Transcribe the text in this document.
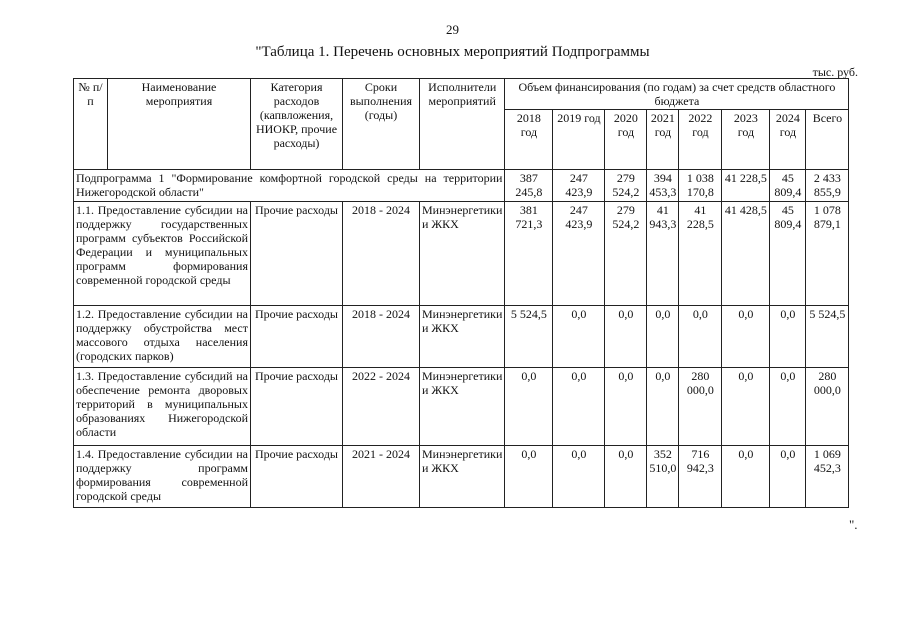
29
"Таблица 1. Перечень основных мероприятий Подпрограммы
тыс. руб.
№ п/п	Наименование мероприятия	Категория расходов (капвложения, НИОКР, прочие расходы)	Сроки выполнения (годы)	Исполнители мероприятий	Объем финансирования (по годам) за счет средств областного бюджета							
					2018 год	2019 год	2020 год	2021 год	2022 год	2023 год	2024 год	Всего
Подпрограмма 1 "Формирование комфортной городской среды на территории Нижегородской области"					387 245,8	247 423,9	279 524,2	394 453,3	1 038 170,8	41 228,5	45 809,4	2 433 855,9
1.1. Предоставление субсидии на поддержку государственных программ субъектов Российской Федерации и муниципальных программ формирования современной городской среды		Прочие расходы	2018 - 2024	Минэнергетики и ЖКХ	381 721,3	247 423,9	279 524,2	41 943,3	41 228,5	41 428,5	45 809,4	1 078 879,1
1.2. Предоставление субсидии на поддержку обустройства мест массового отдыха населения (городских парков)		Прочие расходы	2018 - 2024	Минэнергетики и ЖКХ	5 524,5	0,0	0,0	0,0	0,0	0,0	0,0	5 524,5
1.3. Предоставление субсидий на обеспечение ремонта дворовых территорий в муниципальных образованиях Нижегородской области		Прочие расходы	2022 - 2024	Минэнергетики и ЖКХ	0,0	0,0	0,0	0,0	280 000,0	0,0	0,0	280 000,0
1.4. Предоставление субсидии на поддержку программ формирования современной городской среды		Прочие расходы	2021 - 2024	Минэнергетики и ЖКХ	0,0	0,0	0,0	352 510,0	716 942,3	0,0	0,0	1 069 452,3
".
